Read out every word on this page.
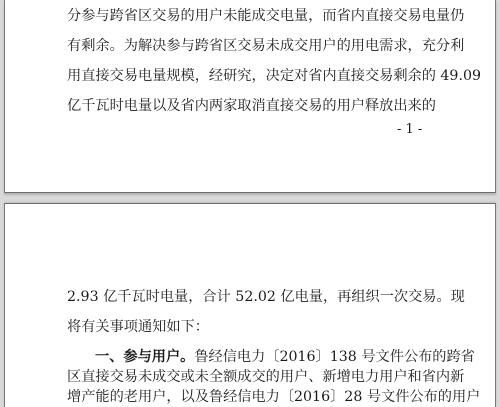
分参与跨省区交易的用户未能成交电量，而省内直接交易电量仍
有剩余。为解决参与跨省区交易未成交用户的用电需求，充分利
用直接交易电量规模，经研究，决定对省内直接交易剩余的 49.09
亿千瓦时电量以及省内两家取消直接交易的用户释放出来的
- 1 -
2.93 亿千瓦时电量，合计 52.02 亿电量，再组织一次交易。现
将有关事项通知如下：
一、参与用户。鲁经信电力〔2016〕138 号文件公布的跨省
区直接交易未成交或未全额成交的用户、新增电力用户和省内新
增产能的老用户，以及鲁经信电力〔2016〕28 号文件公布的用户
